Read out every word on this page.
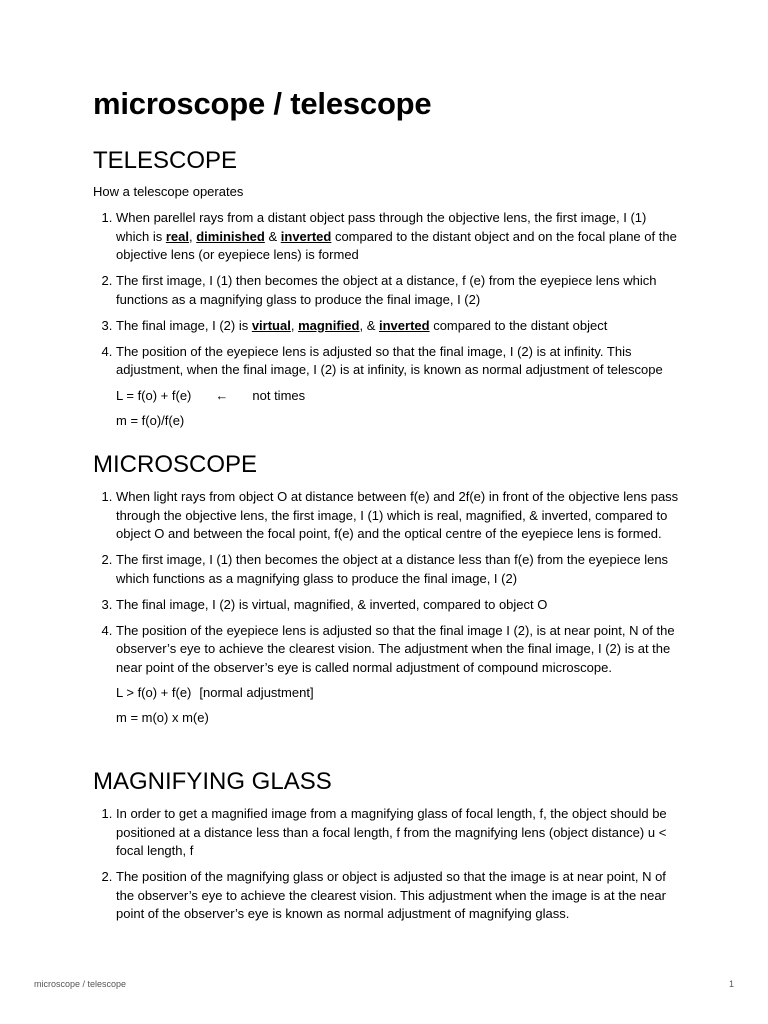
microscope / telescope
TELESCOPE

How a telescope operates

1. When parellel rays from a distant object pass through the objective lens, the first image, I (1) which is real, diminished & inverted compared to the distant object and on the focal plane of the objective lens (or eyepiece lens) is formed
2. The first image, I (1) then becomes the object at a distance, f (e) from the eyepiece lens which functions as a magnifying glass to produce the final image, I (2)
3. The final image, I (2) is virtual, magnified, & inverted compared to the distant object
4. The position of the eyepiece lens is adjusted so that the final image, I (2) is at infinity. This adjustment, when the final image, I (2) is at infinity, is known as normal adjustment of telescope
L = f(o) + f(e) ← not times
m = f(o)/f(e)
MICROSCOPE
1. When light rays from object O at distance between f(e) and 2f(e) in front of the objective lens pass through the objective lens, the first image, I (1) which is real, magnified, & inverted, compared to object O and between the focal point, f(e) and the optical centre of the eyepiece lens is formed.
2. The first image, I (1) then becomes the object at a distance less than f(e) from the eyepiece lens which functions as a magnifying glass to produce the final image, I (2)
3. The final image, I (2) is virtual, magnified, & inverted, compared to object O
4. The position of the eyepiece lens is adjusted so that the final image I (2), is at near point, N of the observer’s eye to achieve the clearest vision. The adjustment when the final image, I (2) is at the near point of the observer’s eye is called normal adjustment of compound microscope.
L > f(o) + f(e) [normal adjustment]
m = m(o) x m(e)
MAGNIFYING GLASS
1. In order to get a magnified image from a magnifying glass of focal length, f, the object should be positioned at a distance less than a focal length, f from the magnifying lens (object distance) u < focal length, f
2. The position of the magnifying glass or object is adjusted so that the image is at near point, N of the observer’s eye to achieve the clearest vision. This adjustment when the image is at the near point of the observer’s eye is known as normal adjustment of magnifying glass.
microscope / telescope	1
